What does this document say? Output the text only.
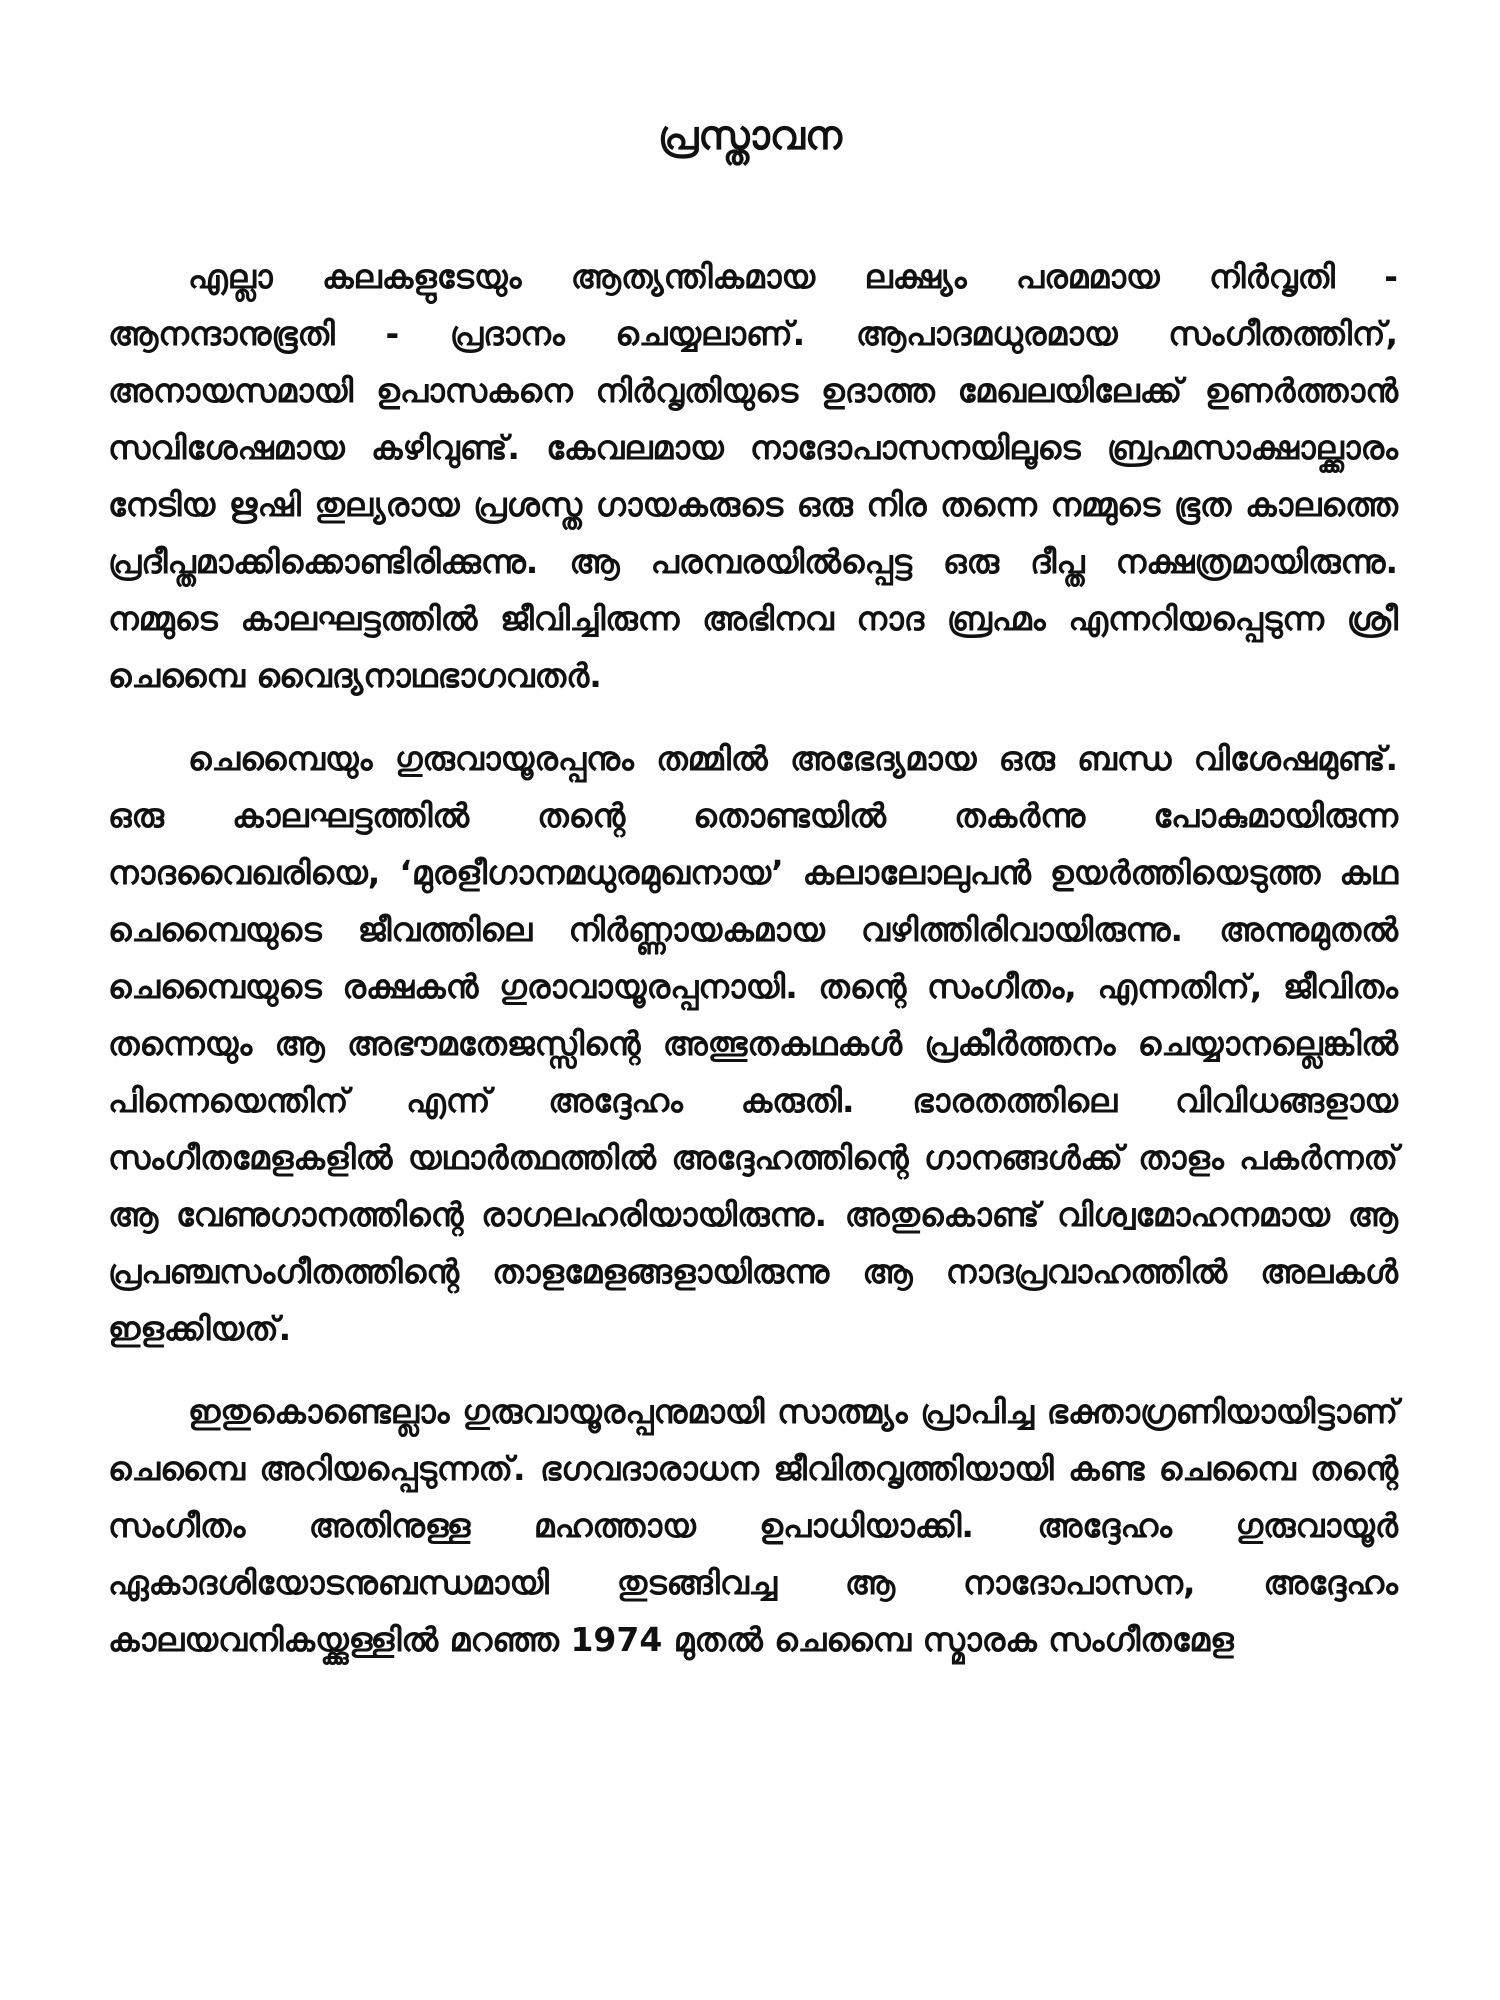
പ്രസ്താവന

എല്ലാ കലകളുടേയും ആത്യന്തികമായ ലക്ഷ്യം പരമമായ നിർവൃതി - ആനന്ദാനുഭൂതി - പ്രദാനം ചെയ്യലാണ്. ആപാദമധുരമായ സംഗീതത്തിന്, അനായസമായി ഉപാസകനെ നിർവൃതിയുടെ ഉദാത്ത മേഖലയിലേക്ക് ഉണർത്താൻ സവിശേഷമായ കഴിവുണ്ട്. കേവലമായ നാദോപാസനയിലൂടെ ബ്രഹ്മസാക്ഷാല്ക്കാരം നേടിയ ഋഷി തുല്യരായ പ്രശസ്ത ഗായകരുടെ ഒരു നിര തന്നെ നമ്മുടെ ഭൂത കാലത്തെ പ്രദീപ്തമാക്കിക്കൊണ്ടിരിക്കുന്നു. ആ പരമ്പരയിൽപ്പെട്ട ഒരു ദീപ്ത നക്ഷത്രമായിരുന്നു. നമ്മുടെ കാലഘട്ടത്തിൽ ജീവിച്ചിരുന്ന അഭിനവ നാദ ബ്രഹ്മം എന്നറിയപ്പെടുന്ന ശ്രീ ചെമ്പൈ വൈദ്യനാഥഭാഗവതർ.

ചെമ്പൈയും ഗുരുവായൂരപ്പനും തമ്മിൽ അഭേദ്യമായ ഒരു ബന്ധ വിശേഷമുണ്ട്. ഒരു കാലഘട്ടത്തിൽ തന്റെ തൊണ്ടയിൽ തകർന്നു പോകുമായിരുന്ന നാദവൈഖരിയെ, ‘മുരളീഗാനമധുരമുഖനായ’ കലാലോലുപൻ ഉയർത്തിയെടുത്ത കഥ ചെമ്പൈയുടെ ജീവത്തിലെ നിർണ്ണായകമായ വഴിത്തിരിവായിരുന്നു. അന്നുമുതൽ ചെമ്പൈയുടെ രക്ഷകൻ ഗുരാവായൂരപ്പനായി. തന്റെ സംഗീതം, എന്നതിന്, ജീവിതം തന്നെയും ആ അഭൗമതേജസ്സിന്റെ അത്ഭുതകഥകൾ പ്രകീർത്തനം ചെയ്യാനല്ലെങ്കിൽ പിന്നെയെന്തിന് എന്ന് അദ്ദേഹം കരുതി. ഭാരതത്തിലെ വിവിധങ്ങളായ സംഗീതമേളകളിൽ യഥാർത്ഥത്തിൽ അദ്ദേഹത്തിന്റെ ഗാനങ്ങൾക്ക് താളം പകർന്നത് ആ വേണുഗാനത്തിന്റെ രാഗലഹരിയായിരുന്നു. അതുകൊണ്ട് വിശ്വമോഹനമായ ആ പ്രപഞ്ചസംഗീതത്തിന്റെ താളമേളങ്ങളായിരുന്നു ആ നാദപ്രവാഹത്തിൽ അലകൾ ഇളക്കിയത്.

ഇതുകൊണ്ടെല്ലാം ഗുരുവായൂരപ്പനുമായി സാത്മ്യം പ്രാപിച്ച ഭക്താഗ്രണിയായിട്ടാണ് ചെമ്പൈ അറിയപ്പെടുന്നത്. ഭഗവദാരാധന ജീവിതവൃത്തിയായി കണ്ട ചെമ്പൈ തന്റെ സംഗീതം അതിനുള്ള മഹത്തായ ഉപാധിയാക്കി. അദ്ദേഹം ഗുരുവായൂർ ഏകാദശിയോടനുബന്ധമായി തുടങ്ങിവച്ച ആ നാദോപാസന, അദ്ദേഹം കാലയവനികയ്ക്കുള്ളിൽ മറഞ്ഞ 1974 മുതൽ ചെമ്പൈ സ്മാരക സംഗീതമേള
